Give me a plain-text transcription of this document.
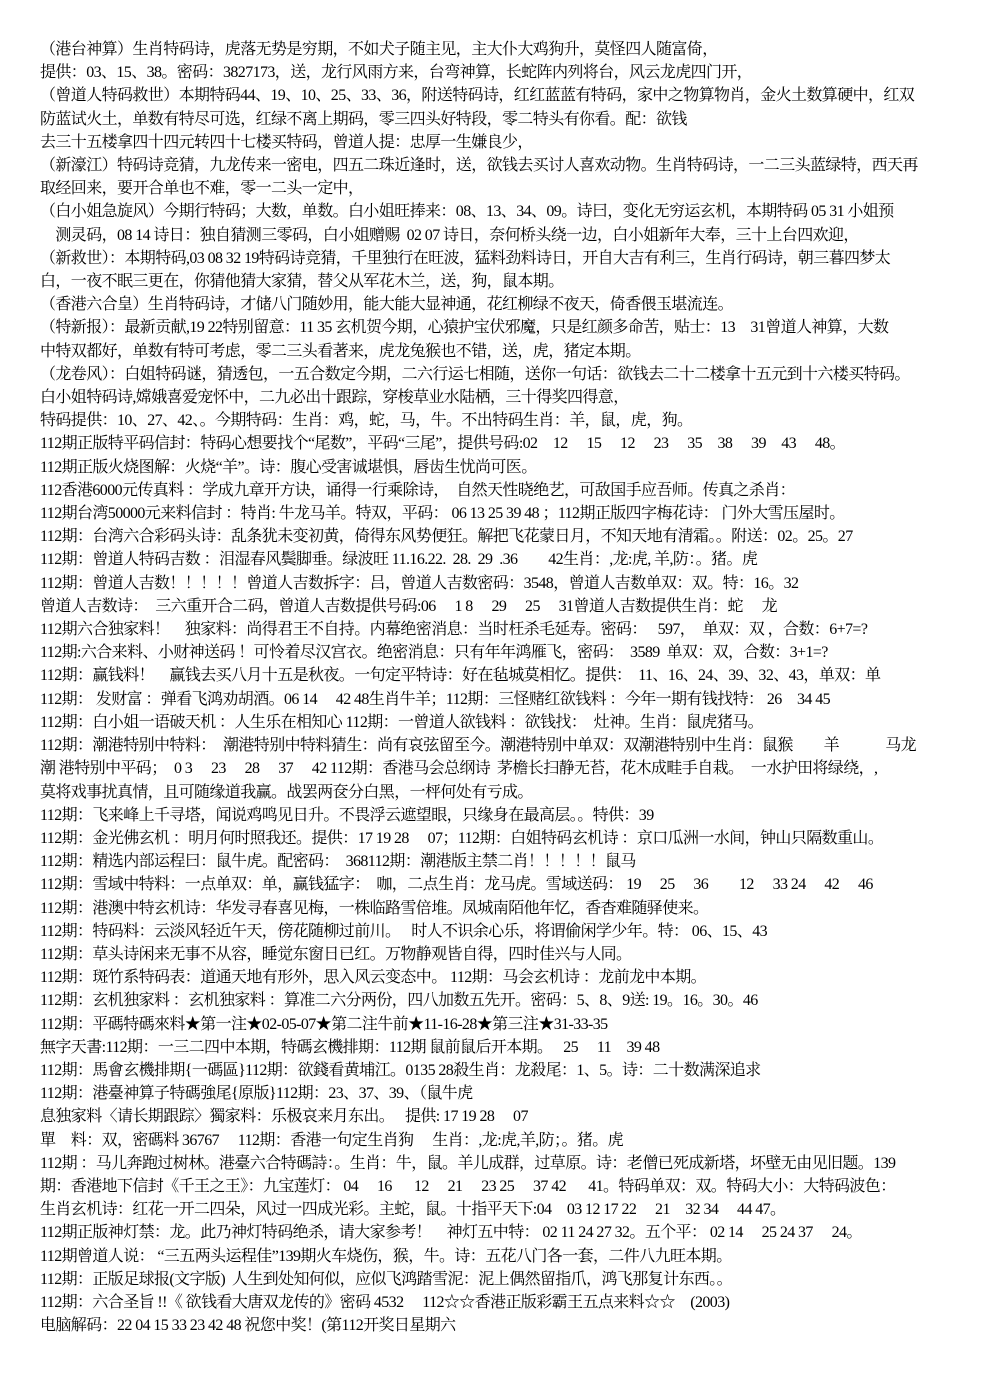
（港台神算）生肖特码诗，虎落无势是穷期，不如犬子随主见，主大仆大鸡狗升，莫怪四人随富倚，
提供：03、15、38。密码：3827173，送，龙行风雨方来，台弯神算，长蛇阵内列将台，风云龙虎四门开，
（曾道人特码救世）本期特码44、19、10、25、33、36，附送特码诗，红红蓝蓝有特码，家中之物算物肖，金火土数算硬中，红双
防蓝试火土，单数有特尽可选，红绿不离上期码，零三四头好特段，零二特头有你看。配：欲钱
去三十五楼拿四十四元转四十七楼买特码，曾道人提：忠厚一生嫌良少，
（新濠江）特码诗竞猜，九龙传来一密电，四五二珠近逢时，送，欲钱去买讨人喜欢动物。生肖特码诗，一二三头蓝绿特，西天再
取经回来，要开合单也不难，零一二头一定中，
（白小姐急旋风）今期行特码；大数，单数。白小姐旺捧来：08、13、34、09。诗曰，变化无穷运玄机，本期特码 05 31 小姐预
　测灵码，08 14 诗日：独自猜测三零码，白小姐赠赐  02 07 诗日，奈何桥头绕一边，白小姐新年大奉，三十上台四欢迎，
（新救世）：本期特码,03 08 32 19特码诗竞猜，千里独行在旺波，猛料劲料诗日，开自大吉有利三，生肖行码诗，朝三暮四梦太
白，一夜不眠三更在，你猜他猜大家猜，替父从军花木兰，送，狗，鼠本期。
（香港六合皇）生肖特码诗，才储八门随妙用，能大能大显神通，花红柳绿不夜天，倚香偎玉堪流连。
（特新报）：最新贡献,19 22特别留意：11 35 玄机贺今期，心猿护宝伏邪魔，只是红颜多命苦，贴士：13　31曾道人神算，大数
中特双都好，单数有特可考虑，零二三头看著来，虎龙兔猴也不错，送，虎，猪定本期。
（龙卷风）：白姐特码谜，猜透包，一五合数定今期，二六行运七相随，送你一句话：欲钱去二十二楼拿十五元到十六楼买特码。
白小姐特码诗,嫦娥喜爱宠怀中，二九必出十跟踪，穿梭草业水陆栖，三十得奖四得意，
特码提供：10、27、42、。今期特码：生肖：鸡，蛇，马，牛。不出特码生肖：羊，鼠，虎，狗。
112期正版特平码信封：特码心想要找个“尾数”，平码“三尾”，提供号码:02　12　 15　 12　 23　 35　38　 39　43　 48。
112期正版火烧图解：火烧“羊”。诗：腹心受害诚堪惧，唇齿生忧尚可医。
112香港6000元传真料 ：学成九章开方诀，诵得一行乘除诗，　自然天性晓绝艺，可敌国手应吾师。传真之杀肖：
112期台湾50000元来料信封 ：特肖: 牛龙马羊。特双，平码： 06 13 25 39 48 ；112期正版四字梅花诗： 门外大雪压屋时。
112期：台湾六合彩码头诗：乱条犹未变初黄，倚得东风势便狂。解把飞花蒙日月，不知天地有清霜。。附送：02。25。27
112期：曾道人特码吉数 ：泪湿春风鬓脚垂。绿波旺 11.16.22.  28.  29  .36　　42生肖：,龙:虎, 羊,防：。猪。虎
112期：曾道人吉数！！！！！曾道人吉数拆字：吕，曾道人吉数密码：3548，曾道人吉数单双：双。特：16。32
曾道人吉数诗：　三六重开合二码，曾道人吉数提供号码:06　 1 8　 29　 25　 31曾道人吉数提供生肖：蛇　 龙
112期六合独家料！　独家料：尚得君王不自持。内幕绝密消息：当时枉杀毛延寿。密码：　 597，　单双：双 ，合数：6+7=?
112期:六合来料、小财神送码 ！可怜着尽汉宫衣。绝密消息：只有年年鸿雁飞，密码：  3589  单双：双，合数：3+1=?
112期：赢钱料！　赢钱去买八月十五是秋夜。一句定平特诗：好在毡城莫相忆。提供：  11、16、24、39、32、43，单双：单
112期： 发财富 ：弹看飞鸿劝胡酒。06 14　 42 48生肖牛羊；112期：三怪赌红欲钱料 ：今年一期有钱找特： 26　34 45
112期：白小姐一语破天机 ：人生乐在相知心 112期：一曾道人欲钱料 ：欲钱找：　灶神。生肖：鼠虎猪马。
112期：潮港特别中特料：　潮港特别中特料猜生：尚有哀弦留至今。潮港特别中单双：双潮港特别中生肖：鼠猴　　羊　　　马龙
潮 港特别中平码；　0 3　 23　 28　 37　 42 112期：香港马会总纲诗  茅檐长扫静无苔，花木成畦手自栽。　一水护田将绿绕，,
莫将戏事扰真情，且可随缘道我赢。战罢两奁分白黑，一枰何处有亏成。
112期：飞来峰上千寻塔，闻说鸡鸣见日升。不畏浮云遮望眼，只缘身在最高层。。特供：39
112期：金光佛玄机 ：明月何时照我还。提供：17 19 28　 07；112期：白姐特码玄机诗 ：京口瓜洲一水间，钟山只隔数重山。
112期：精选内部运程曰：鼠牛虎。配密码：  368112期：潮港版主禁二肖！！！！！鼠马
112期：雪域中特料：一点单双：单，赢钱猛字：  咖，二点生肖：龙马虎。雪域送码： 19　 25　 36　　12　 33 24　 42　 46
112期：港澳中特玄机诗：华发寻春喜见梅，一株临路雪倍堆。凤城南陌他年忆，香杳难随驿使来。
112期：特码料：云淡风轻近午天，傍花随柳过前川。　 时人不识余心乐，将谓偷闲学少年。特： 06、15、43
112期：草头诗闲来无事不从容，睡觉东窗日已红。万物静观皆自得，四时佳兴与人同。
112期：斑竹系特码表：道通天地有形外，思入风云变态中。 112期：马会玄机诗 ：龙前龙中本期。
112期：玄机独家料 ：玄机独家料 ：算准二六分两份，四八加数五先开。密码：5、8、9送: 19。16。30。46
112期：平碼特碼來料★第一注★02-05-07★第二注牛前★11-16-28★第三注★31-33-35
無字天書:112期：一三二四中本期，特碼玄機排期：112期 鼠前鼠后开本期。　 25　 11　39 48
112期：馬會玄機排期{一碼區}112期：欲錢看黄埔江。0135 28殺生肖：龙殺尾：1、5。诗：二十数满深追求
112期：港臺神算子特碼強尾{原版}112期：23、37、39、（鼠牛虎
息独家料〈请长期跟踪〉獨家料：乐极哀来月东出。　 提供: 17 19 28　 07
單　料：双，密碼料 36767　 112期：香港一句定生肖狗　 生肖：,龙:虎,羊,防；。猪。虎
112期 ：马儿奔跑过树林。港臺六合特碼詩：。生肖：牛，鼠。羊儿成群，过草原。诗：老僧已死成新塔，坏壁无由见旧题。139
期：香港地下信封《千王之王》：九宝莲灯： 04　 16　  12　 21　 23 25　 37 42　  41。特码单双：双。特码大小：大特码波色：
生肖玄机诗：红花一开二四朵，风过一四成光彩。主蛇，鼠。十指平天下:04　03 12 17 22　 21　32 34　 44 47。
112期正版神灯禁：龙。此乃神灯特码绝杀，请大家参考！　神灯五中特： 02 11 24 27 32。五个平： 02 14　 25 24 37　 24。
112期曾道人说： “三五两头运程佳”139期火车烧伤，猴，牛。诗：五花八门各一套，二件八九旺本期。
112期：正版足球报(文字版)  人生到处知何似，应似飞鸿踏雪泥：泥上偶然留指爪，鸿飞那复计东西。。
112期：六合圣旨 !!《 欲钱看大唐双龙传的》密码 4532　 112☆☆香港正版彩霸王五点来料☆☆　(2003)
电脑解码：22 04 15 33 23 42 48 祝您中奖！(第112开奖日星期六
